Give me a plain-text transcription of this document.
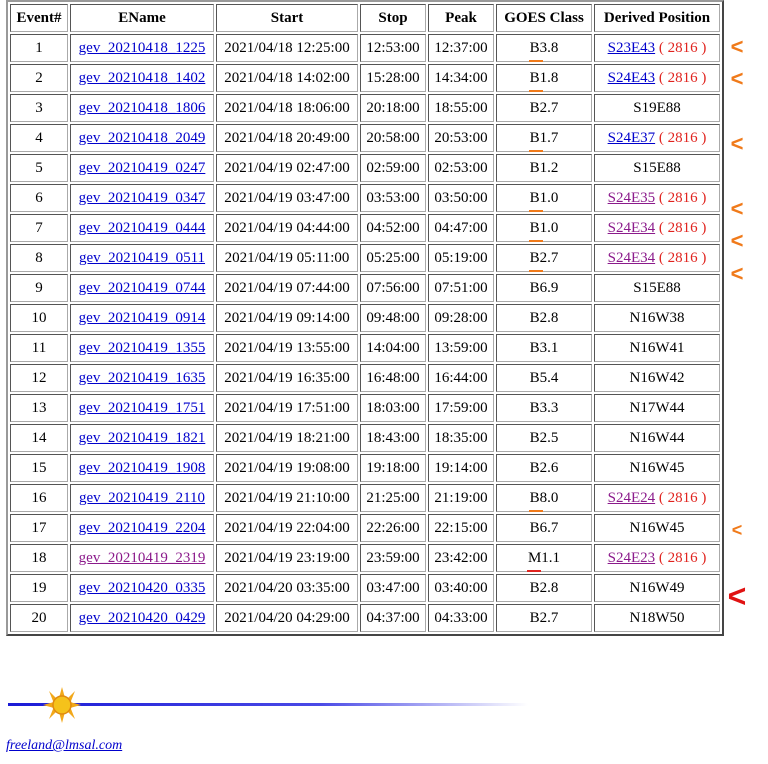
Event#	EName	Start	Stop	Peak	GOES Class	Derived Position
1	gev_20210418_1225	2021/04/18 12:25:00	12:53:00	12:37:00	B3.8	S23E43 ( 2816 )
2	gev_20210418_1402	2021/04/18 14:02:00	15:28:00	14:34:00	B1.8	S24E43 ( 2816 )
3	gev_20210418_1806	2021/04/18 18:06:00	20:18:00	18:55:00	B2.7	S19E88
4	gev_20210418_2049	2021/04/18 20:49:00	20:58:00	20:53:00	B1.7	S24E37 ( 2816 )
5	gev_20210419_0247	2021/04/19 02:47:00	02:59:00	02:53:00	B1.2	S15E88
6	gev_20210419_0347	2021/04/19 03:47:00	03:53:00	03:50:00	B1.0	S24E35 ( 2816 )
7	gev_20210419_0444	2021/04/19 04:44:00	04:52:00	04:47:00	B1.0	S24E34 ( 2816 )
8	gev_20210419_0511	2021/04/19 05:11:00	05:25:00	05:19:00	B2.7	S24E34 ( 2816 )
9	gev_20210419_0744	2021/04/19 07:44:00	07:56:00	07:51:00	B6.9	S15E88
10	gev_20210419_0914	2021/04/19 09:14:00	09:48:00	09:28:00	B2.8	N16W38
11	gev_20210419_1355	2021/04/19 13:55:00	14:04:00	13:59:00	B3.1	N16W41
12	gev_20210419_1635	2021/04/19 16:35:00	16:48:00	16:44:00	B5.4	N16W42
13	gev_20210419_1751	2021/04/19 17:51:00	18:03:00	17:59:00	B3.3	N17W44
14	gev_20210419_1821	2021/04/19 18:21:00	18:43:00	18:35:00	B2.5	N16W44
15	gev_20210419_1908	2021/04/19 19:08:00	19:18:00	19:14:00	B2.6	N16W45
16	gev_20210419_2110	2021/04/19 21:10:00	21:25:00	21:19:00	B8.0	S24E24 ( 2816 )
17	gev_20210419_2204	2021/04/19 22:04:00	22:26:00	22:15:00	B6.7	N16W45
18	gev_20210419_2319	2021/04/19 23:19:00	23:59:00	23:42:00	M1.1	S24E23 ( 2816 )
19	gev_20210420_0335	2021/04/20 03:35:00	03:47:00	03:40:00	B2.8	N16W49
20	gev_20210420_0429	2021/04/20 04:29:00	04:37:00	04:33:00	B2.7	N18W50
<
<
<
<
<
<
<
<
freeland@lmsal.com
